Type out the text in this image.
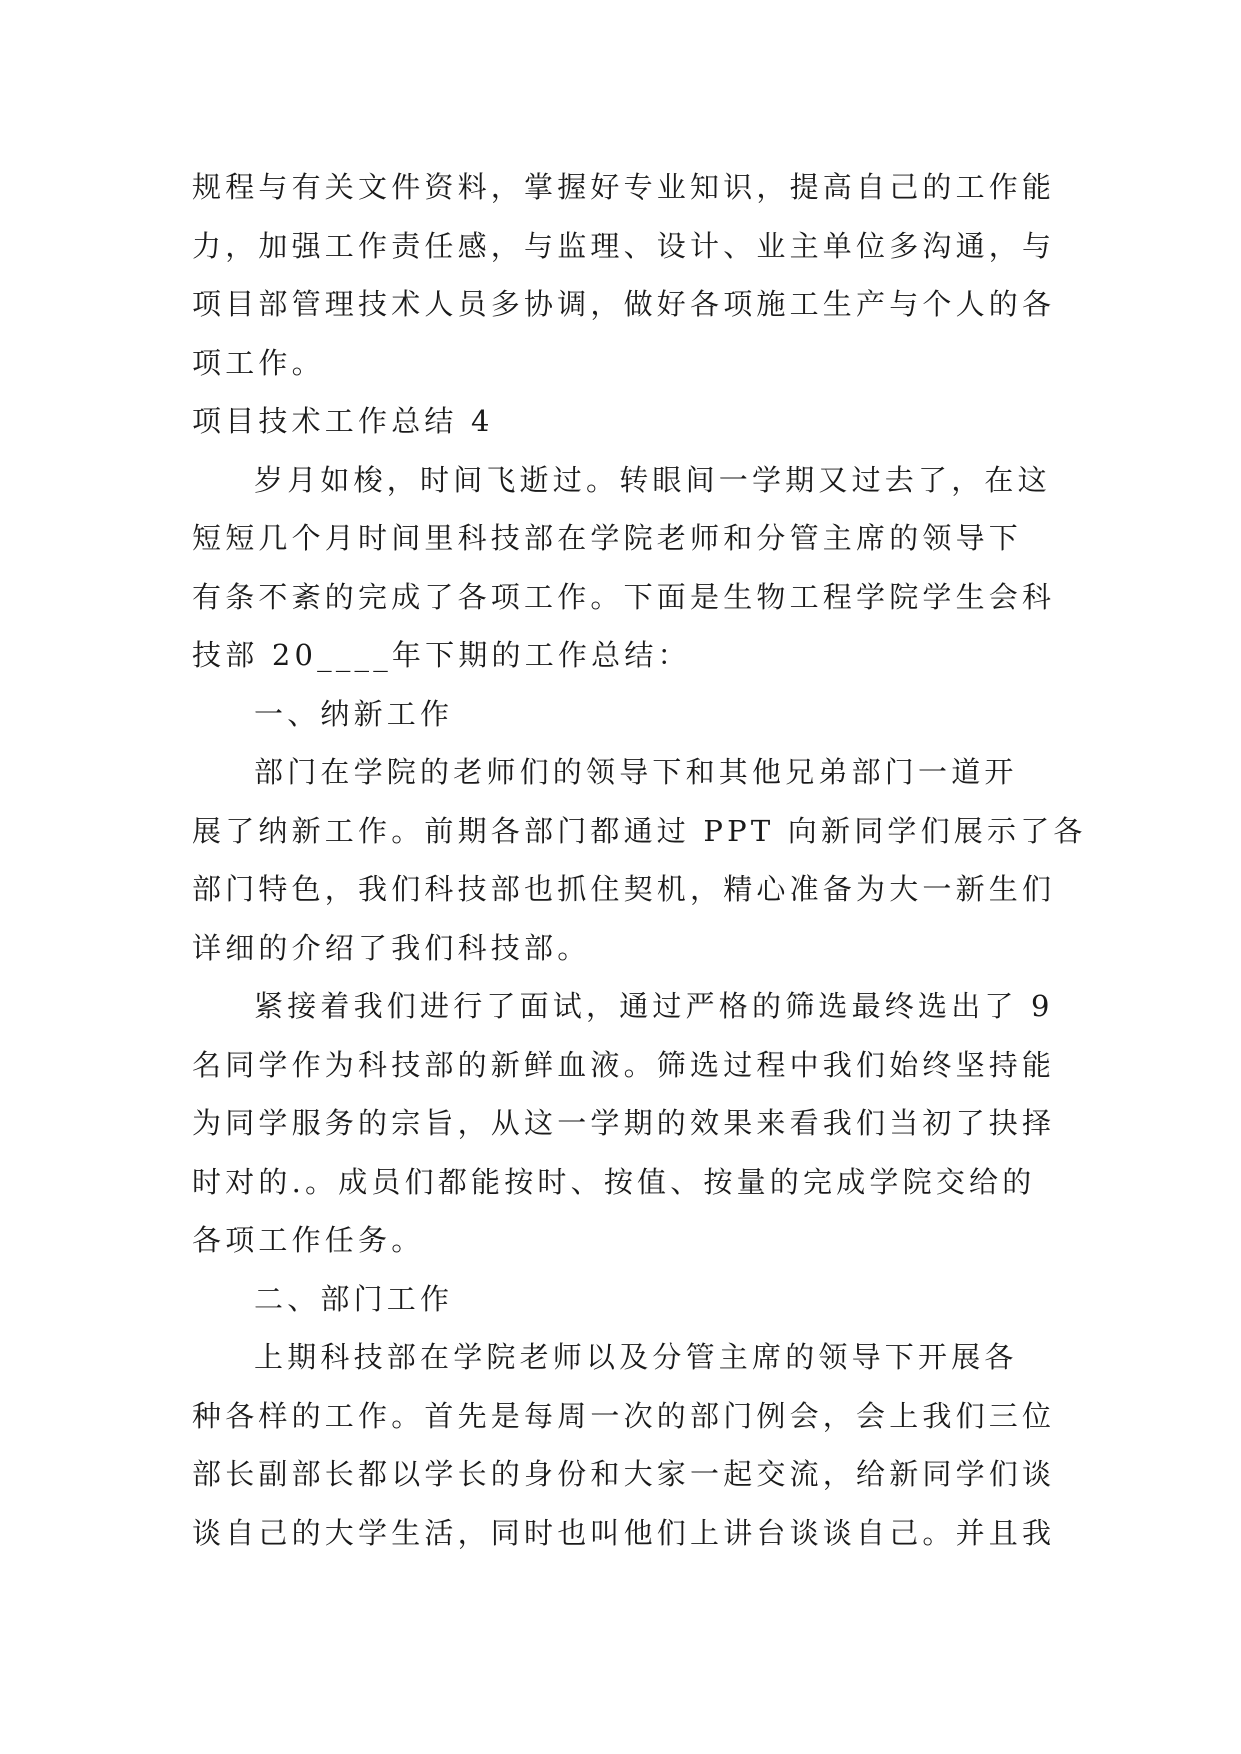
规程与有关文件资料，掌握好专业知识，提高自己的工作能

力，加强工作责任感，与监理、设计、业主单位多沟通，与

项目部管理技术人员多协调，做好各项施工生产与个人的各

项工作。

项目技术工作总结 4

岁月如梭，时间飞逝过。转眼间一学期又过去了，在这

短短几个月时间里科技部在学院老师和分管主席的领导下

有条不紊的完成了各项工作。下面是生物工程学院学生会科

技部 20____年下期的工作总结：

一、纳新工作

部门在学院的老师们的领导下和其他兄弟部门一道开

展了纳新工作。前期各部门都通过 PPT 向新同学们展示了各

部门特色，我们科技部也抓住契机，精心准备为大一新生们

详细的介绍了我们科技部。

紧接着我们进行了面试，通过严格的筛选最终选出了 9

名同学作为科技部的新鲜血液。筛选过程中我们始终坚持能

为同学服务的宗旨，从这一学期的效果来看我们当初了抉择

时对的.。成员们都能按时、按值、按量的完成学院交给的

各项工作任务。

二、部门工作

上期科技部在学院老师以及分管主席的领导下开展各

种各样的工作。首先是每周一次的部门例会，会上我们三位

部长副部长都以学长的身份和大家一起交流，给新同学们谈

谈自己的大学生活，同时也叫他们上讲台谈谈自己。并且我
